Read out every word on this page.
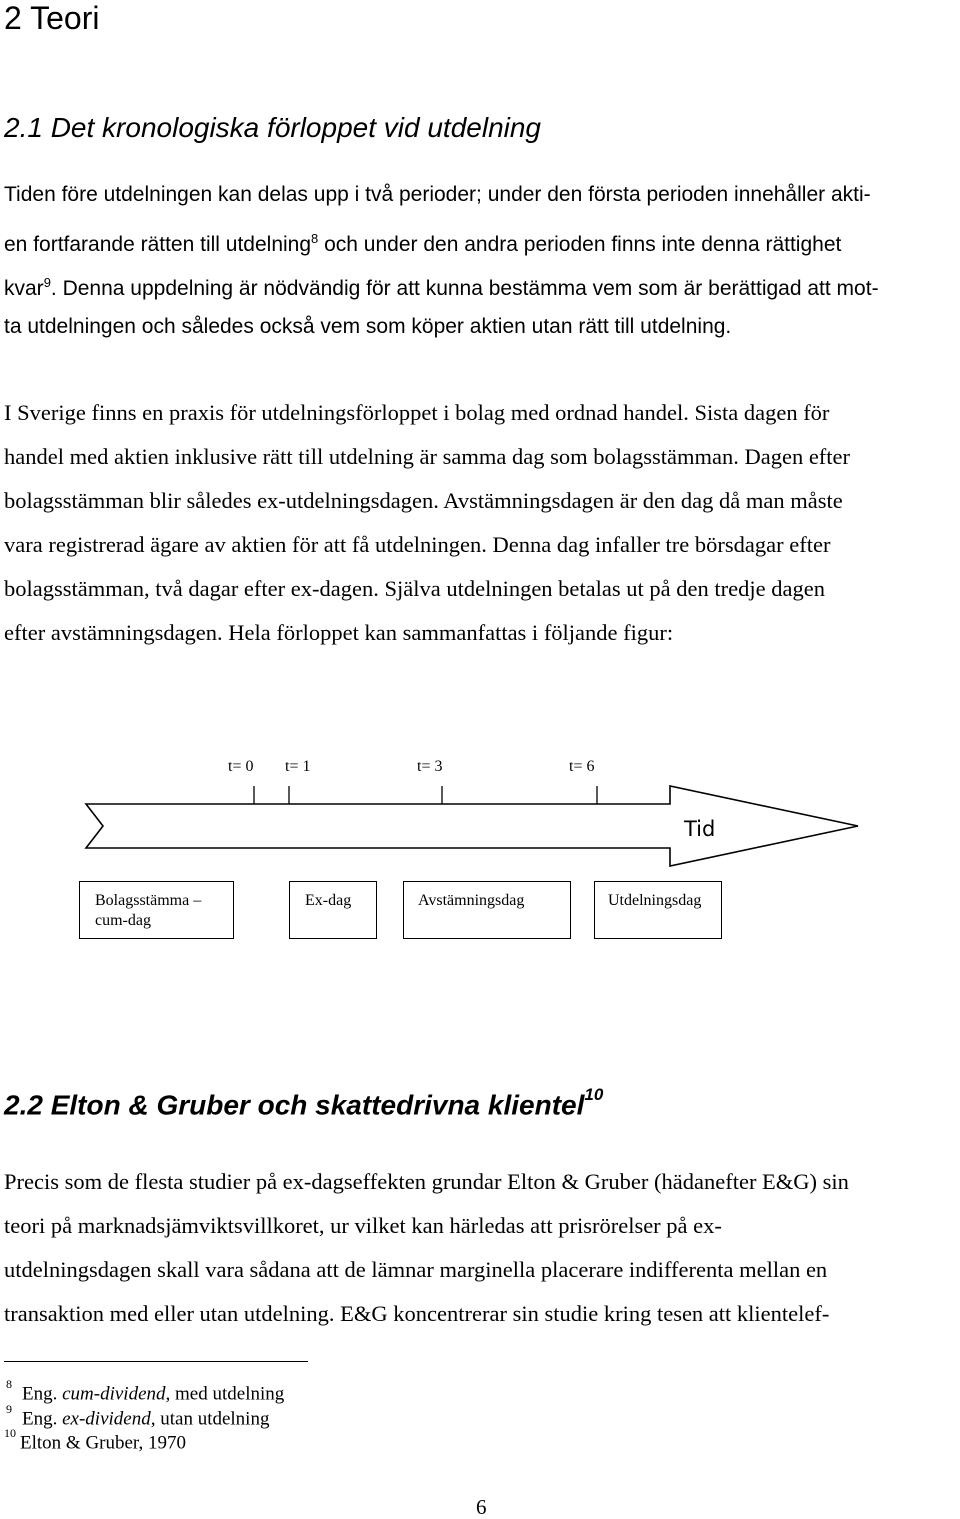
2 Teori
2.1 Det kronologiska förloppet vid utdelning
Tiden före utdelningen kan delas upp i två perioder; under den första perioden innehåller akti-
en fortfarande rätten till utdelning$^8$ och under den andra perioden finns inte denna rättighet
kvar$^9$. Denna uppdelning är nödvändig för att kunna bestämma vem som är berättigad att mot-
ta utdelningen och således också vem som köper aktien utan rätt till utdelning.
I Sverige finns en praxis för utdelningsförloppet i bolag med ordnad handel. Sista dagen för
handel med aktien inklusive rätt till utdelning är samma dag som bolagsstämman. Dagen efter
bolagsstämman blir således ex-utdelningsdagen. Avstämningsdagen är den dag då man måste
vara registrerad ägare av aktien för att få utdelningen. Denna dag infaller tre börsdagar efter
bolagsstämman, två dagar efter ex-dagen. Själva utdelningen betalas ut på den tredje dagen
efter avstämningsdagen. Hela förloppet kan sammanfattas i följande figur:
t= 0 t= 1	t= 3	t= 6
Tid
Bolagsstämma –
cum-dag
Ex-dag	Avstämningsdag	Utdelningsdag
2.2 Elton & Gruber och skattedrivna klientel$^{10}$
Precis som de flesta studier på ex-dagseffekten grundar Elton & Gruber (hädanefter E&G) sin
teori på marknadsjämviktsvillkoret, ur vilket kan härledas att prisrörelser på ex-
utdelningsdagen skall vara sådana att de lämnar marginella placerare indifferenta mellan en
transaktion med eller utan utdelning. E&G koncentrerar sin studie kring tesen att klientelef-
$^8$ Eng. cum-dividend, med utdelning
$^9$ Eng. ex-dividend, utan utdelning
$^{10}$ Elton & Gruber, 1970
6
